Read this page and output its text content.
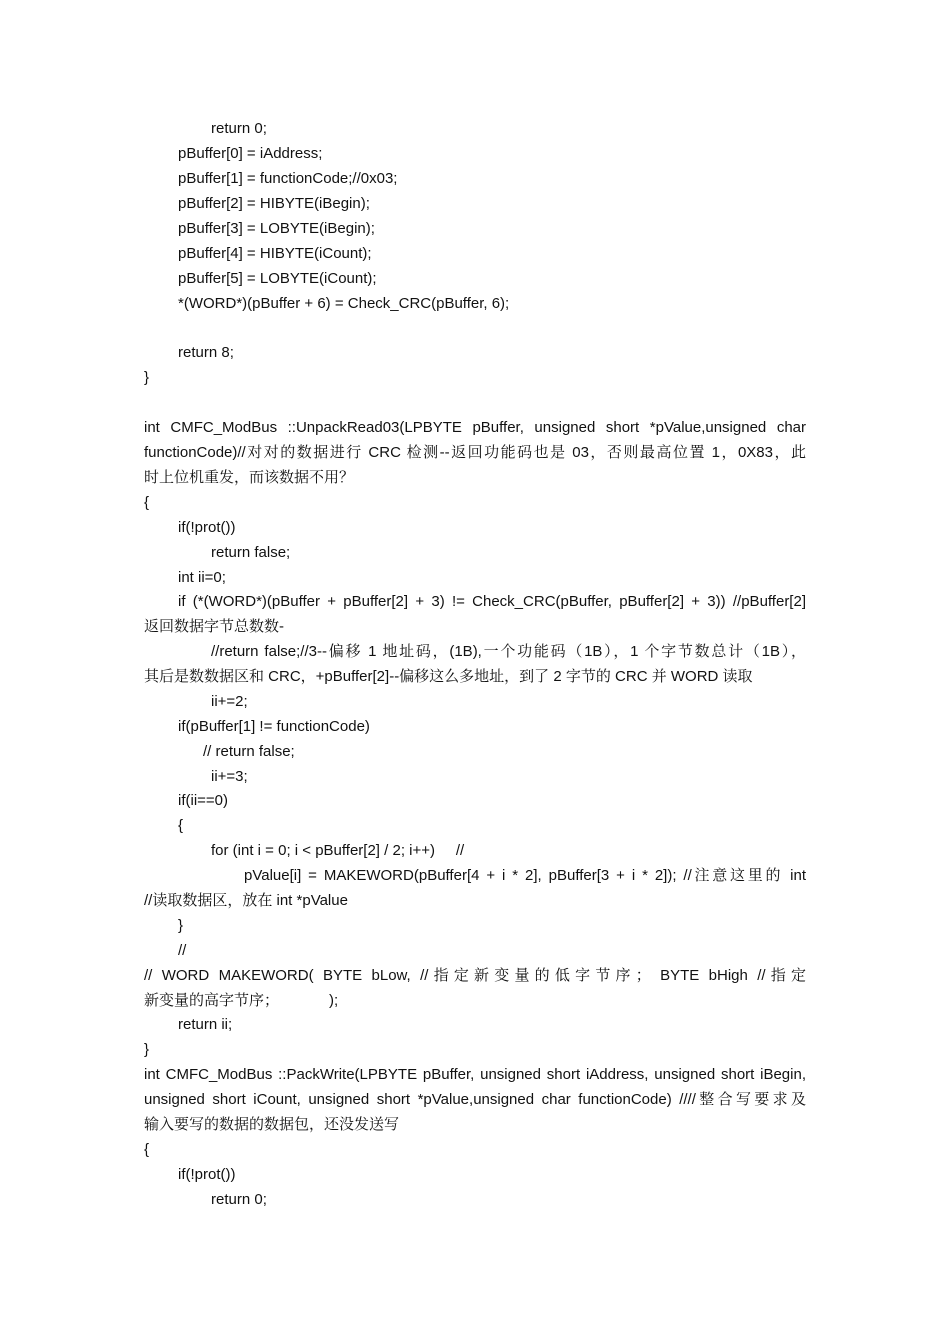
return 0;
pBuffer[0] = iAddress;
pBuffer[1] = functionCode;//0x03;
pBuffer[2] = HIBYTE(iBegin);
pBuffer[3] = LOBYTE(iBegin);
pBuffer[4] = HIBYTE(iCount);
pBuffer[5] = LOBYTE(iCount);
*(WORD*)(pBuffer + 6) = Check_CRC(pBuffer, 6);
return 8;
}
int CMFC_ModBus ::UnpackRead03(LPBYTE pBuffer, unsigned short *pValue,unsigned char
functionCode)//对对的数据进行 CRC 检测--返回功能码也是 03，否则最高位置 1，0X83，此
时上位机重发，而该数据不用？
{
if(!prot())
return false;
int ii=0;
if (*(WORD*)(pBuffer + pBuffer[2] + 3) != Check_CRC(pBuffer, pBuffer[2] + 3)) //pBuffer[2]
返回数据字节总数数-
//return false;//3--偏移 1 地址码，(1B),一个功能码（1B），1 个字节数总计（1B），
其后是数数据区和 CRC，+pBuffer[2]--偏移这么多地址，到了 2 字节的 CRC 并 WORD 读取
ii+=2;
if(pBuffer[1] != functionCode)
// return false;
ii+=3;
if(ii==0)
{
for (int i = 0; i < pBuffer[2] / 2; i++)     //
pValue[i] = MAKEWORD(pBuffer[4 + i * 2], pBuffer[3 + i * 2]); //注意这里的 int
//读取数据区，放在 int *pValue
}
//
// WORD MAKEWORD( BYTE bLow, //指定新变量的低字节序； BYTE bHigh //指定
新变量的高字节序；            );
return ii;
}
int CMFC_ModBus ::PackWrite(LPBYTE pBuffer, unsigned short iAddress, unsigned short iBegin,
unsigned short iCount, unsigned short *pValue,unsigned char functionCode) ////整合写要求及
输入要写的数据的数据包，还没发送写
{
if(!prot())
return 0;
